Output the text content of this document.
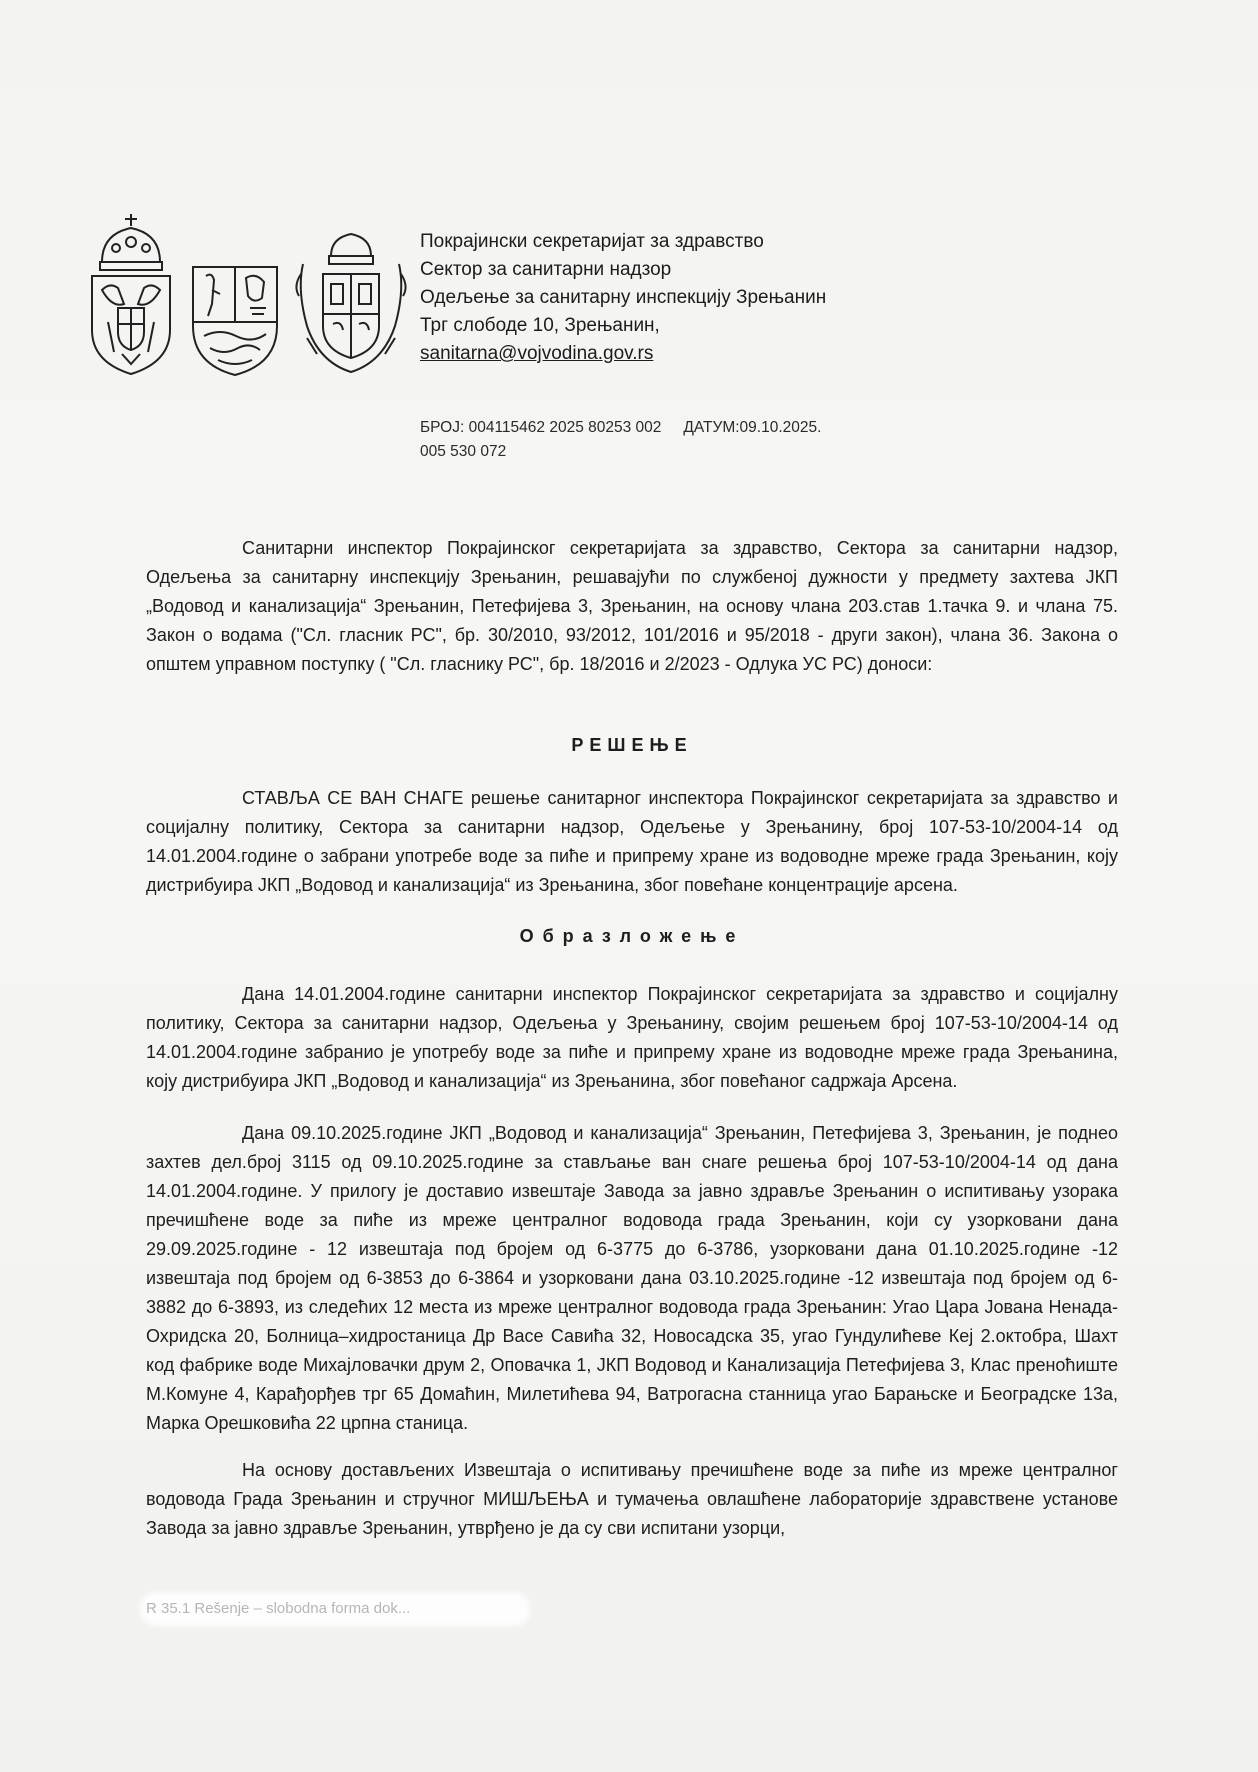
Покрајински секретаријат за здравство
Сектор за санитарни надзор
Одељење за санитарну инспекцију Зрењанин
Трг слободе 10, Зрењанин,
sanitarna@vojvodina.gov.rs
БРОЈ: 004115462 2025 80253 002 ДАТУМ:09.10.2025.
005 530 072
Санитарни инспектор Покрајинског секретаријата за здравство, Сектора за санитарни надзор, Одељења за санитарну инспекцију Зрењанин, решавајући по службеној дужности у предмету захтева ЈКП „Водовод и канализација“ Зрењанин, Петефијева 3, Зрењанин, на основу члана 203.став 1.тачка 9. и члана 75. Закон о водама ("Сл. гласник РС", бр. 30/2010, 93/2012, 101/2016 и 95/2018 - други закон), члана 36. Закона о општем управном поступку ( "Сл. гласнику РС", бр. 18/2016 и 2/2023 - Одлука УС РС) доноси:
РЕШЕЊЕ
СТАВЉА СЕ ВАН СНАГЕ решење санитарног инспектора Покрајинског секретаријата за здравство и социјалну политику, Сектора за санитарни надзор, Одељење у Зрењанину, број 107-53-10/2004-14 од 14.01.2004.године о забрани употребе воде за пиће и припрему хране из водоводне мреже града Зрењанин, коју дистрибуира ЈКП „Водовод и канализација“ из Зрењанина, због повећане концентрације арсена.
Образложење
Дана 14.01.2004.године санитарни инспектор Покрајинског секретаријата за здравство и социјалну политику, Сектора за санитарни надзор, Одељења у Зрењанину, својим решењем број 107-53-10/2004-14 од 14.01.2004.године забранио је употребу воде за пиће и припрему хране из водоводне мреже града Зрењанина, коју дистрибуира ЈКП „Водовод и канализација“ из Зрењанина, због повећаног садржаја Арсена.
Дана 09.10.2025.године ЈКП „Водовод и канализација“ Зрењанин, Петефијева 3, Зрењанин, је поднео захтев дел.број 3115 од 09.10.2025.године за стављање ван снаге решења број 107-53-10/2004-14 од дана 14.01.2004.године. У прилогу је доставио извештаје Завода за јавно здравље Зрењанин о испитивању узорака пречишћене воде за пиће из мреже централног водовода града Зрењанин, који су узорковани дана 29.09.2025.године - 12 извештаја под бројем од 6-3775 до 6-3786, узорковани дана 01.10.2025.године -12 извештаја под бројем од 6-3853 до 6-3864 и узорковани дана 03.10.2025.године -12 извештаја под бројем од 6-3882 до 6-3893, из следећих 12 места из мреже централног водовода града Зрењанин: Угао Цара Јована Ненада-Охридска 20, Болница–хидростаница Др Васе Савића 32, Новосадска 35, угао Гундулићеве Кеј 2.октобра, Шахт код фабрике воде Михајловачки друм 2, Оповачка 1, ЈКП Водовод и Канализација Петефијева 3, Клас преноћиште М.Комуне 4, Карађорђев трг 65 Домаћин, Милетићева 94, Ватрогасна станница угао Барањске и Београдске 13а, Марка Орешковића 22 црпна станица.
На основу достављених Извештаја о испитивању пречишћене воде за пиће из мреже централног водовода Града Зрењанин и стручног МИШЉЕЊА и тумачења овлашћене лабораторије здравствене установе Завода за јавно здравље Зрењанин, утврђено је да су сви испитани узорци,
R 35.1 Rešenje – slobodna forma dok...
